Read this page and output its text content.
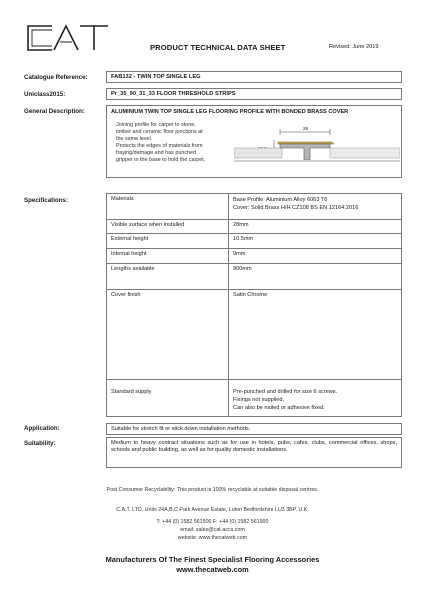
PRODUCT TECHNICAL DATA SHEET	Revised: June 2019
Catalogue Reference:	FAB132 - TWIN TOP SINGLE LEG
Uniclass2015:	Pr_35_90_31_33 FLOOR THRESHOLD STRIPS
General Description:	ALUMINIUM TWIN TOP SINGLE LEG FLOORING PROFILE WITH BONDED BRASS COVER
Joining profile for carpet to stone,
timber and ceramic floor junctions at
the same level.
Protects the edges of materials from
fraying/damage and has punched
gripper in the base to hold the carpet.
28
Specifications:	Materials	Base Profile: Aluminium Alloy 6063 T6
Cover: Solid Brass H/H CZ108 BS EN 12164:2016

Visible surface when installed	28mm
External height	10.5mm
Internal height	9mm
Lengths available	900mm
Cover finish	Satin Chrome
Standard supply	Pre-punched and drilled for size 6 screws.
Fixings not supplied.
Can also be nailed or adhesive fixed.
Application:	Suitable for stretch fit or stick down installation methods.
Suitability:	Medium to heavy contract situations such as for use in hotels, pubs, cafes, clubs, commercial offices, shops, schools and public building, as well as for quality domestic installations.
Post Consumer Recyclability: This product is 100% recyclable at suitable disposal centres.
C.A.T. LTD. Units 24A,B,C Park Avenue Estate, Luton Bedfordshire LU3 3BP. U.K.
T: +44 (0) 1582 561500 F: +44 (0) 1582 561900
email: sales@cat-accs.com
website: www.thecatweb.com
Manufacturers Of The Finest Specialist Flooring Accessories
www.thecatweb.com
